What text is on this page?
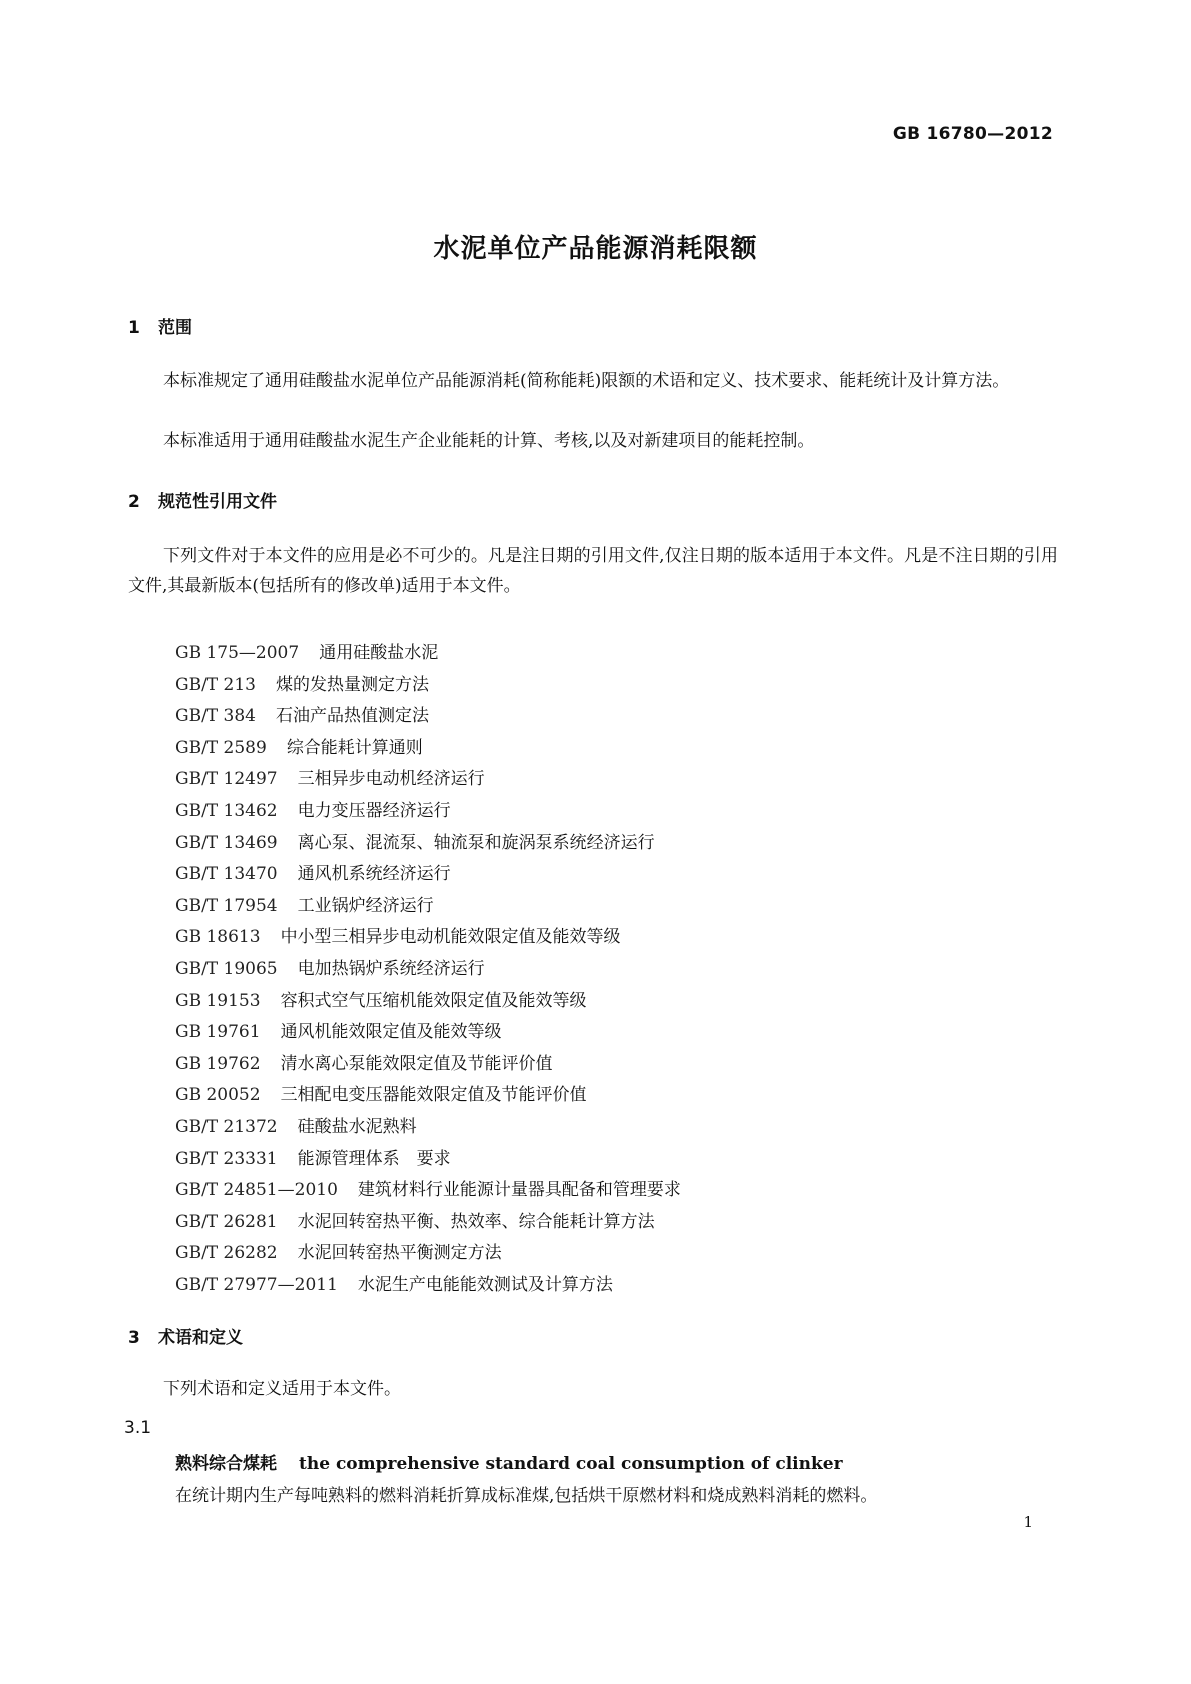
GB 16780—2012
水泥单位产品能源消耗限额
1 范围
本标准规定了通用硅酸盐水泥单位产品能源消耗(简称能耗)限额的术语和定义、技术要求、能耗统计及计算方法。
本标准适用于通用硅酸盐水泥生产企业能耗的计算、考核,以及对新建项目的能耗控制。
2 规范性引用文件
下列文件对于本文件的应用是必不可少的。凡是注日期的引用文件,仅注日期的版本适用于本文件。凡是不注日期的引用文件,其最新版本(包括所有的修改单)适用于本文件。
GB 175—2007 通用硅酸盐水泥
GB/T 213 煤的发热量测定方法
GB/T 384 石油产品热值测定法
GB/T 2589 综合能耗计算通则
GB/T 12497 三相异步电动机经济运行
GB/T 13462 电力变压器经济运行
GB/T 13469 离心泵、混流泵、轴流泵和旋涡泵系统经济运行
GB/T 13470 通风机系统经济运行
GB/T 17954 工业锅炉经济运行
GB 18613 中小型三相异步电动机能效限定值及能效等级
GB/T 19065 电加热锅炉系统经济运行
GB 19153 容积式空气压缩机能效限定值及能效等级
GB 19761 通风机能效限定值及能效等级
GB 19762 清水离心泵能效限定值及节能评价值
GB 20052 三相配电变压器能效限定值及节能评价值
GB/T 21372 硅酸盐水泥熟料
GB/T 23331 能源管理体系　要求
GB/T 24851—2010 建筑材料行业能源计量器具配备和管理要求
GB/T 26281 水泥回转窑热平衡、热效率、综合能耗计算方法
GB/T 26282 水泥回转窑热平衡测定方法
GB/T 27977—2011 水泥生产电能能效测试及计算方法
3 术语和定义
下列术语和定义适用于本文件。
3.1
熟料综合煤耗 the comprehensive standard coal consumption of clinker
在统计期内生产每吨熟料的燃料消耗折算成标准煤,包括烘干原燃材料和烧成熟料消耗的燃料。
1
